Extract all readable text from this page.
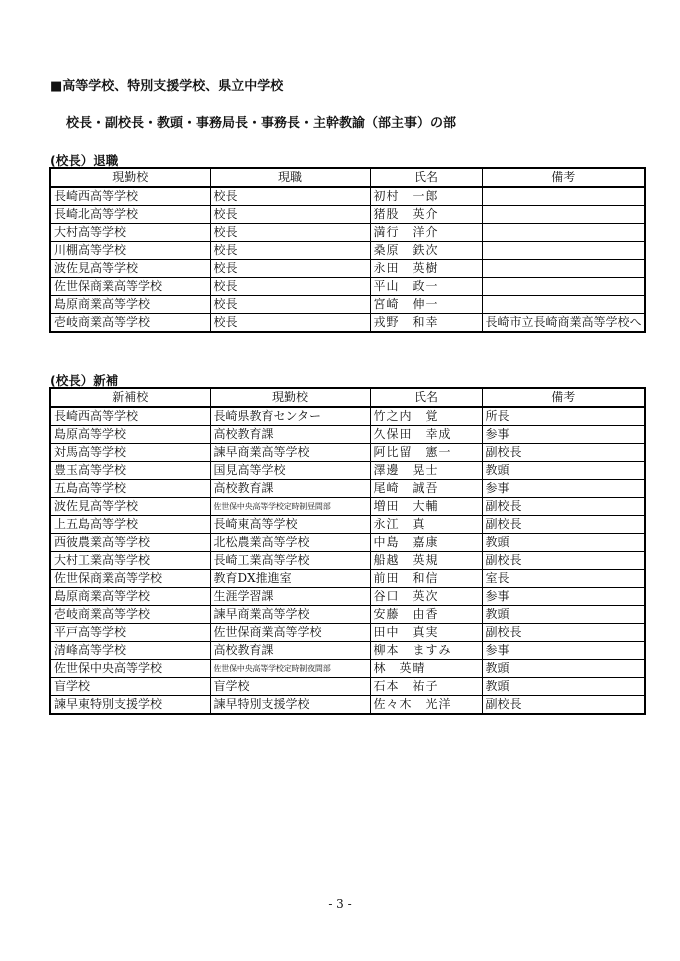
■高等学校、特別支援学校、県立中学校
校長・副校長・教頭・事務局長・事務長・主幹教諭（部主事）の部
(校長）退職
現勤校	現職	氏名	備考
長崎西高等学校	校長	初村　一郎	
長崎北高等学校	校長	猪股　英介	
大村高等学校	校長	満行　洋介	
川棚高等学校	校長	桑原　鉄次	
波佐見高等学校	校長	永田　英樹	
佐世保商業高等学校	校長	平山　政一	
島原商業高等学校	校長	宮崎　伸一	
壱岐商業高等学校	校長	戎野　和幸	長崎市立長崎商業高等学校へ
(校長）新補
新補校	現勤校	氏名	備考
長崎西高等学校	長崎県教育センター	竹之内　覚	所長
島原高等学校	高校教育課	久保田　幸成	参事
対馬高等学校	諫早商業高等学校	阿比留　憲一	副校長
豊玉高等学校	国見高等学校	澤邊　晃士	教頭
五島高等学校	高校教育課	尾崎　誠吾	参事
波佐見高等学校	佐世保中央高等学校定時制昼間部	増田　大輔	副校長
上五島高等学校	長崎東高等学校	永江　真	副校長
西彼農業高等学校	北松農業高等学校	中島　嘉康	教頭
大村工業高等学校	長崎工業高等学校	船越　英規	副校長
佐世保商業高等学校	教育DX推進室	前田　和信	室長
島原商業高等学校	生涯学習課	谷口　英次	参事
壱岐商業高等学校	諫早商業高等学校	安藤　由香	教頭
平戸高等学校	佐世保商業高等学校	田中　真実	副校長
清峰高等学校	高校教育課	柳本　ますみ	参事
佐世保中央高等学校	佐世保中央高等学校定時制夜間部	林　英晴	教頭
盲学校	盲学校	石本　祐子	教頭
諫早東特別支援学校	諫早特別支援学校	佐々木　光洋	副校長
- 3 -
